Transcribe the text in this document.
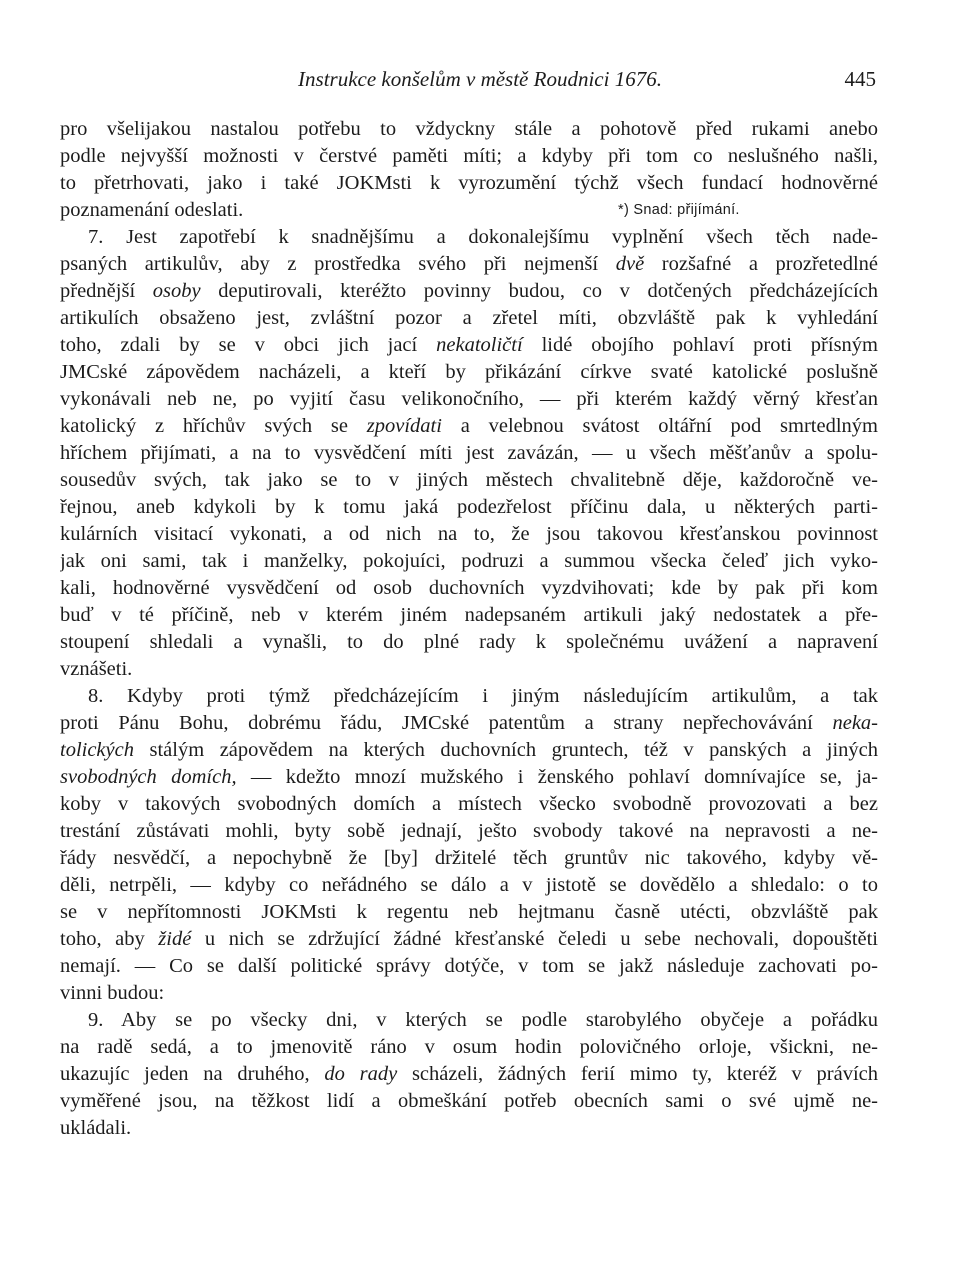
Instrukce konšelům v městě Roudnici 1676.	445
pro všelijakou nastalou potřebu to vždyckny stále a pohotově před rukami anebo
podle nejvyšší možnosti v čerstvé paměti míti; a kdyby při tom co neslušného našli,
to přetrhovati, jako i také JOKMsti k vyrozumění týchž všech fundací hodnověrné
poznamenání odeslati.	*) Snad: přijímání.
7. Jest zapotřebí k snadnějšímu a dokonalejšímu vyplnění všech těch nade-
psaných artikulův, aby z prostředka svého při nejmenší dvě rozšafné a prozřetedlné
přednější osoby deputirovali, kteréžto povinny budou, co v dotčených předcházejících
artikulích obsaženo jest, zvláštní pozor a zřetel míti, obzvláště pak k vyhledání
toho, zdali by se v obci jich jací nekatoličtí lidé obojího pohlaví proti přísným
JMCské zápovědem nacházeli, a kteří by přikázání církve svaté katolické poslušně
vykonávali neb ne, po vyjití času velikonočního, — při kterém každý věrný křesťan
katolický z hříchův svých se zpovídati a velebnou svátost oltářní pod smrtedlným
hříchem přijímati, a na to vysvědčení míti jest zavázán, — u všech měšťanův a spolu-
sousedův svých, tak jako se to v jiných městech chvalitebně děje, každoročně ve-
řejnou, aneb kdykoli by k tomu jaká podezřelost příčinu dala, u některých parti-
kulárních visitací vykonati, a od nich na to, že jsou takovou křesťanskou povinnost
jak oni sami, tak i manželky, pokojuíci, podruzi a summou všecka čeleď jich vyko-
kali, hodnověrné vysvědčení od osob duchovních vyzdvihovati; kde by pak při kom
buď v té příčině, neb v kterém jiném nadepsaném artikuli jaký nedostatek a pře-
stoupení shledali a vynašli, to do plné rady k společnému uvážení a napravení
vznášeti.
8. Kdyby proti týmž předcházejícím i jiným následujícím artikulům, a tak
proti Pánu Bohu, dobrému řádu, JMCské patentům a strany nepřechovávání neka-
tolických stálým zápovědem na kterých duchovních gruntech, též v panských a jiných
svobodných domích, — kdežto mnozí mužského i ženského pohlaví domnívajíce se, ja-
koby v takových svobodných domích a místech všecko svobodně provozovati a bez
trestání zůstávati mohli, byty sobě jednají, ješto svobody takové na nepravosti a ne-
řády nesvědčí, a nepochybně že [by] držitelé těch gruntův nic takového, kdyby vě-
děli, netrpěli, — kdyby co neřádného se dálo a v jistotě se dovědělo a shledalo: o to
se v nepřítomnosti JOKMsti k regentu neb hejtmanu časně utécti, obzvláště pak
toho, aby židé u nich se zdržující žádné křesťanské čeledi u sebe nechovali, dopouštěti
nemají. — Co se další politické správy dotýče, v tom se jakž následuje zachovati po-
vinni budou:
9. Aby se po všecky dni, v kterých se podle starobylého obyčeje a pořádku
na radě sedá, a to jmenovitě ráno v osum hodin polovičného orloje, všickni, ne-
ukazujíc jeden na druhého, do rady scházeli, žádných ferií mimo ty, kteréž v právích
vyměřené jsou, na těžkost lidí a obmeškání potřeb obecních sami o své ujmě ne-
ukládali.
